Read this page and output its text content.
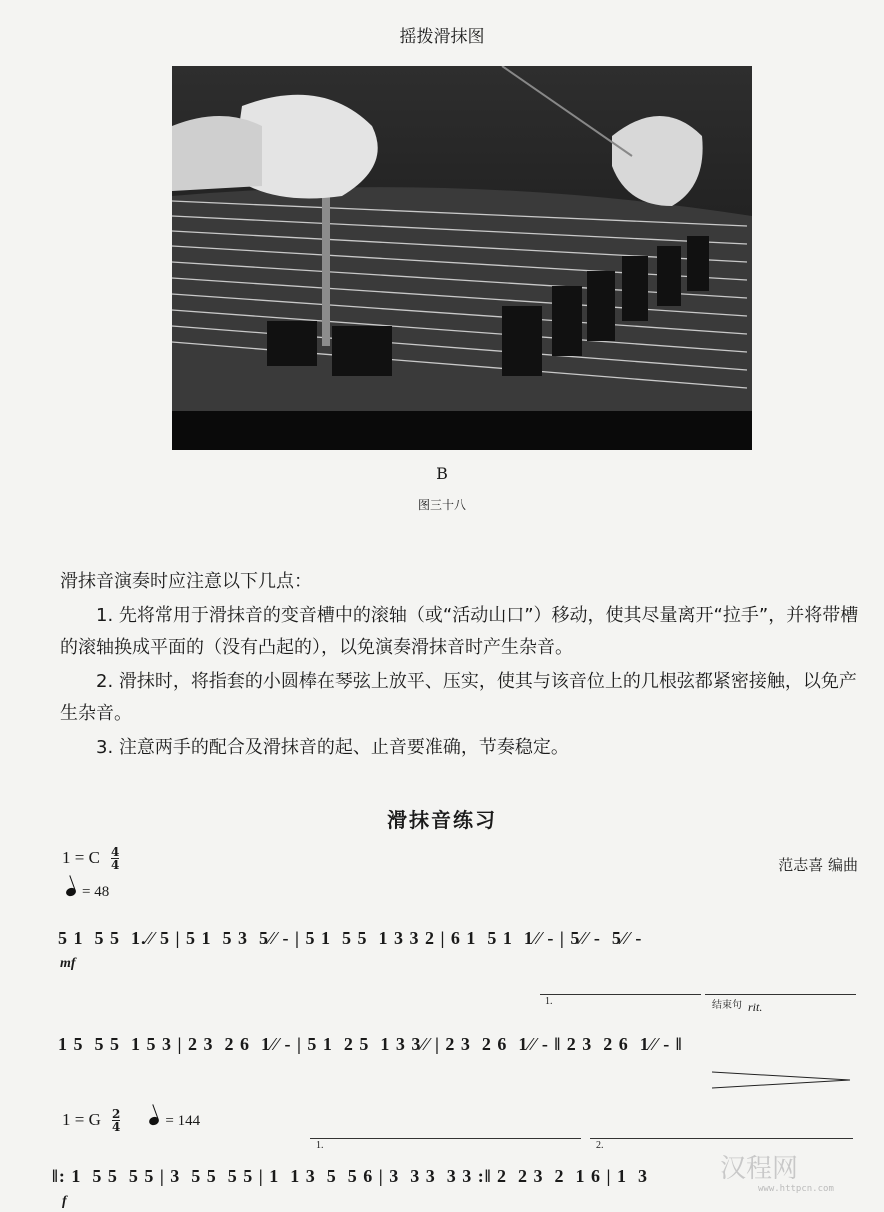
摇拨滑抹图
B
图三十八
滑抹音演奏时应注意以下几点：
1. 先将常用于滑抹音的变音槽中的滚轴（或“活动山口”）移动，使其尽量离开“拉手”，并将带槽的滚轴换成平面的（没有凸起的），以免演奏滑抹音时产生杂音。
2. 滑抹时，将指套的小圆棒在琴弦上放平、压实，使其与该音位上的几根弦都紧密接触，以免产生杂音。
3. 注意两手的配合及滑抹音的起、止音要准确，节奏稳定。
滑抹音练习
1 = C $\frac{4}{4}$	范志喜 编曲
= 48
5 1  5 5  1.⁄⁄ 5 | 5 1  5 3  5⁄⁄ - | 5 1  5 5  1 3 3 2 | 6 1  5 1  1⁄⁄ - | 5⁄⁄ -  5⁄⁄ -
mf
1.	结束句 rit.
1 5  5 5  1 5 3 | 2 3  2 6  1⁄⁄ - | 5 1  2 5  1 3 3⁄⁄ | 2 3  2 6  1⁄⁄ - ‖ 2 3  2 6  1⁄⁄ - ‖
1 = G $\frac{2}{4}$	= 144
1.	2.
‖: 1  5 5  5 5 | 3  5 5  5 5 | 1  1 3  5  5 6 | 3  3 3  3 3 :‖ 2  2 3  2  1 6 | 1  3
f
汉程网
www.httpcn.com
